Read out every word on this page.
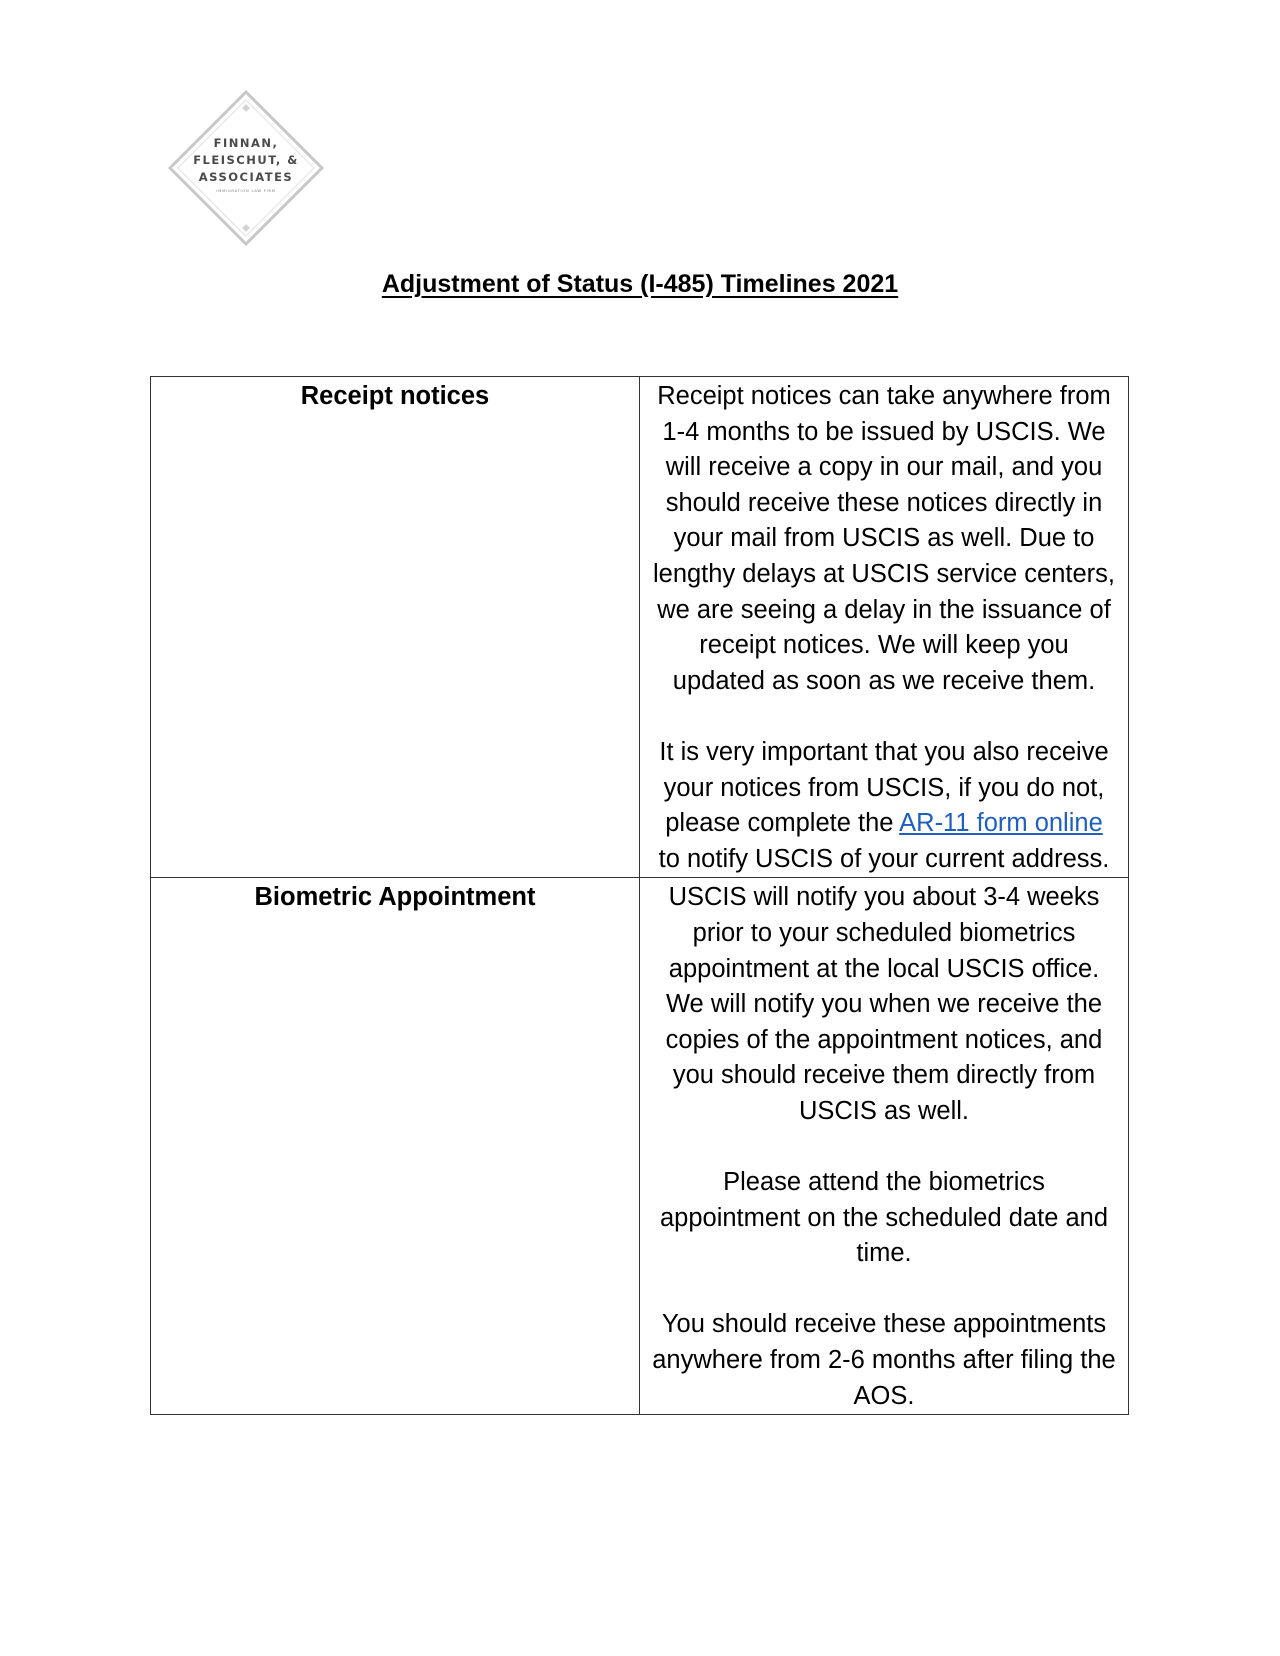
FINNAN,
FLEISCHUT, &
ASSOCIATES
IMMIGRATION LAW FIRM
Adjustment of Status (I-485) Timelines 2021
Receipt notices	Receipt notices can take anywhere from 1-4 months to be issued by USCIS. We will receive a copy in our mail, and you should receive these notices directly in your mail from USCIS as well. Due to lengthy delays at USCIS service centers, we are seeing a delay in the issuance of receipt notices. We will keep you updated as soon as we receive them.

It is very important that you also receive your notices from USCIS, if you do not, please complete the AR-11 form online to notify USCIS of your current address.

Biometric Appointment	USCIS will notify you about 3-4 weeks prior to your scheduled biometrics appointment at the local USCIS office. We will notify you when we receive the copies of the appointment notices, and you should receive them directly from USCIS as well.

Please attend the biometrics appointment on the scheduled date and time.

You should receive these appointments anywhere from 2-6 months after filing the AOS.
